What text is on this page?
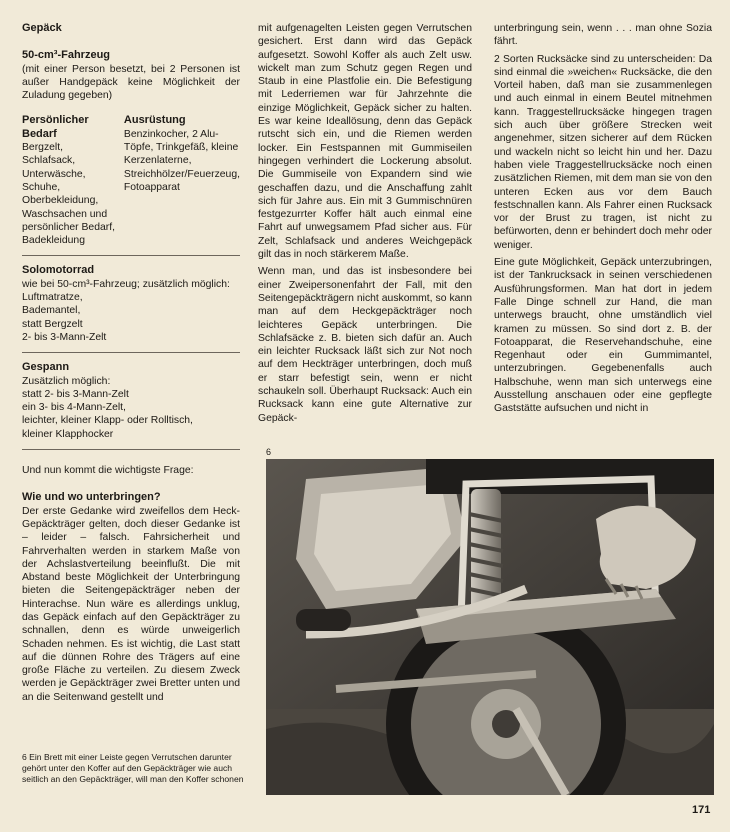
Gepäck
50-cm³-Fahrzeug

(mit einer Person besetzt, bei 2 Personen ist außer Handgepäck keine Möglichkeit der Zuladung gegeben)

Persönlicher Bedarf
Bergzelt, Schlafsack, Unterwäsche, Schuhe, Oberbekleidung, Waschsachen und persönlicher Bedarf, Badekleidung
Ausrüstung
Benzinkocher, 2 Alu-Töpfe, Trinkgefäß, kleine Kerzenlaterne, Streichhölzer/Feuerzeug, Fotoapparat
Solomotorrad
wie bei 50-cm³-Fahrzeug; zusätzlich möglich:
Luftmatratze,
Bademantel,
statt Bergzelt
2- bis 3-Mann-Zelt
Gespann
Zusätzlich möglich:
statt 2- bis 3-Mann-Zelt
ein 3- bis 4-Mann-Zelt,
leichter, kleiner Klapp- oder Rolltisch,
kleiner Klapphocker

Und nun kommt die wichtigste Frage:

Wie und wo unterbringen?

Der erste Gedanke wird zweifellos dem Heck-Gepäckträger gelten, doch dieser Gedanke ist – leider – falsch. Fahrsicherheit und Fahrverhalten werden in starkem Maße von der Achslastverteilung beeinflußt. Die mit Abstand beste Möglichkeit der Unterbringung bieten die Seitengepäckträger neben der Hinterachse. Nun wäre es allerdings unklug, das Gepäck einfach auf den Gepäckträger zu schnallen, denn es würde unweigerlich Schaden nehmen. Es ist wichtig, die Last statt auf die dünnen Rohre des Trägers auf eine große Fläche zu verteilen. Zu diesem Zweck werden je Gepäckträger zwei Bretter unten und an die Seitenwand gestellt und

mit aufgenagelten Leisten gegen Verrutschen gesichert. Erst dann wird das Gepäck aufgesetzt. Sowohl Koffer als auch Zelt usw. wickelt man zum Schutz gegen Regen und Staub in eine Plastfolie ein. Die Befestigung mit Lederriemen war für Jahrzehnte die einzige Möglichkeit, Gepäck sicher zu halten. Es war keine Ideallösung, denn das Gepäck rutscht sich ein, und die Riemen werden locker. Ein Festspannen mit Gummiseilen hingegen verhindert die Lockerung absolut. Die Gummiseile von Expandern sind wie geschaffen dazu, und die Anschaffung zahlt sich für Jahre aus. Ein mit 3 Gummischnüren festgezurrter Koffer hält auch einmal eine Fahrt auf unwegsamem Pfad sicher aus. Für Zelt, Schlafsack und anderes Weichgepäck gilt das in noch stärkerem Maße.

Wenn man, und das ist insbesondere bei einer Zweipersonenfahrt der Fall, mit den Seitengepäckträgern nicht auskommt, so kann man auf dem Heckgepäckträger noch leichteres Gepäck unterbringen. Die Schlafsäcke z. B. bieten sich dafür an. Auch ein leichter Rucksack läßt sich zur Not noch auf dem Heckträger unterbringen, doch muß er starr befestigt sein, wenn er nicht schaukeln soll. Überhaupt Rucksack: Auch ein Rucksack kann eine gute Alternative zur Gepäck-

unterbringung sein, wenn . . . man ohne Sozia fährt.

2 Sorten Rucksäcke sind zu unterscheiden: Da sind einmal die »weichen« Rucksäcke, die den Vorteil haben, daß man sie zusammenlegen und auch einmal in einem Beutel mitnehmen kann. Traggestellrucksäcke hingegen tragen sich auch über größere Strecken weit angenehmer, sitzen sicherer auf dem Rücken und wackeln nicht so leicht hin und her. Dazu haben viele Traggestellrucksäcke noch einen zusätzlichen Riemen, mit dem man sie von den unteren Ecken aus vor dem Bauch festschnallen kann. Als Fahrer einen Rucksack vor der Brust zu tragen, ist nicht zu befürworten, denn er behindert doch mehr oder weniger.

Eine gute Möglichkeit, Gepäck unterzubringen, ist der Tankrucksack in seinen verschiedenen Ausführungsformen. Man hat dort in jedem Falle Dinge schnell zur Hand, die man unterwegs braucht, ohne umständlich viel kramen zu müssen. So sind dort z. B. der Fotoapparat, die Reservehandschuhe, eine Regenhaut oder ein Gummimantel, unterzubringen. Gegebenenfalls auch Halbschuhe, wenn man sich unterwegs eine Ausstellung anschauen oder eine gepflegte Gaststätte aufsuchen und nicht in

6
6 Ein Brett mit einer Leiste gegen Verrutschen darunter gehört unter den Koffer auf den Gepäckträger wie auch seitlich an den Gepäckträger, will man den Koffer schonen
171
